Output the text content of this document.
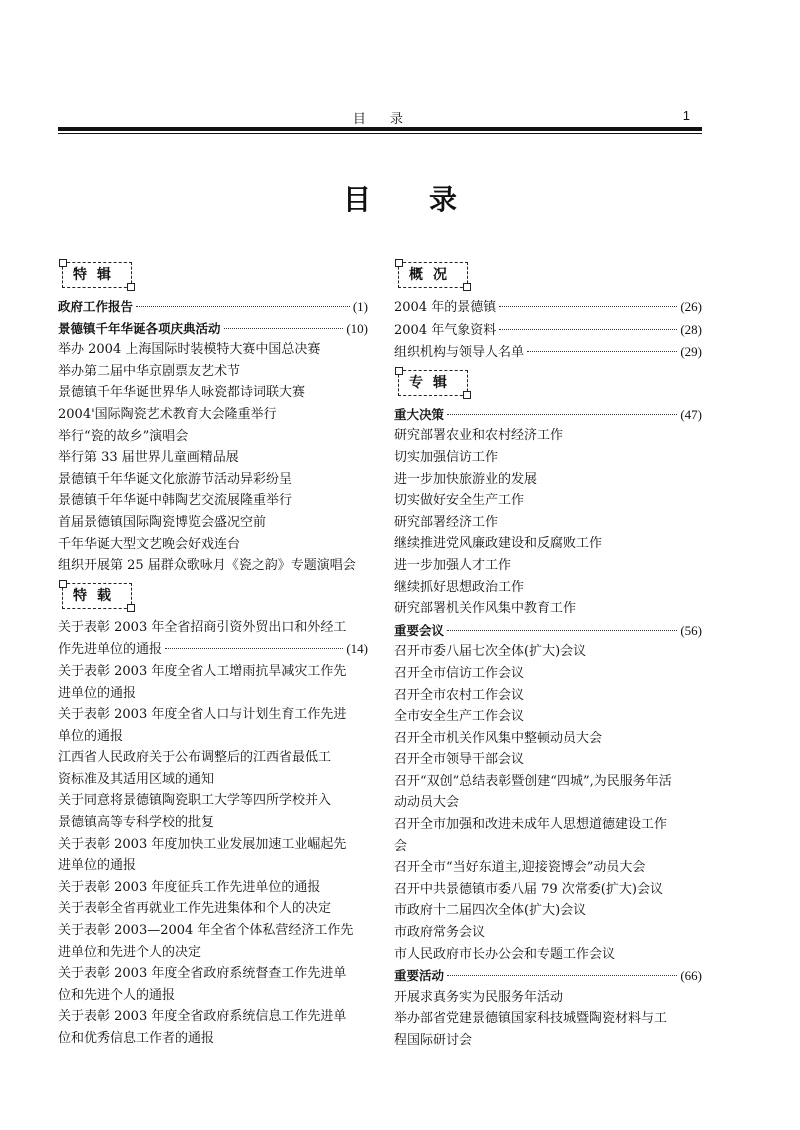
目 录	1
目录
特辑
政府工作报告	(1)
景德镇千年华诞各项庆典活动	(10)
举办 2004 上海国际时装模特大赛中国总决赛
举办第二届中华京剧票友艺术节
景德镇千年华诞世界华人咏瓷都诗词联大赛
2004'国际陶瓷艺术教育大会隆重举行
举行“瓷的故乡”演唱会
举行第 33 届世界儿童画精品展
景德镇千年华诞文化旅游节活动异彩纷呈
景德镇千年华诞中韩陶艺交流展隆重举行
首届景德镇国际陶瓷博览会盛况空前
千年华诞大型文艺晚会好戏连台
组织开展第 25 届群众歌咏月《瓷之韵》专题演唱会
特载
关于表彰 2003 年全省招商引资外贸出口和外经工
作先进单位的通报	(14)
关于表彰 2003 年度全省人工增雨抗旱减灾工作先
进单位的通报
关于表彰 2003 年度全省人口与计划生育工作先进
单位的通报
江西省人民政府关于公布调整后的江西省最低工
资标准及其适用区域的通知
关于同意将景德镇陶瓷职工大学等四所学校并入
景德镇高等专科学校的批复
关于表彰 2003 年度加快工业发展加速工业崛起先
进单位的通报
关于表彰 2003 年度征兵工作先进单位的通报
关于表彰全省再就业工作先进集体和个人的决定
关于表彰 2003—2004 年全省个体私营经济工作先
进单位和先进个人的决定
关于表彰 2003 年度全省政府系统督查工作先进单
位和先进个人的通报
关于表彰 2003 年度全省政府系统信息工作先进单
位和优秀信息工作者的通报
概况
2004 年的景德镇	(26)
2004 年气象资料	(28)
组织机构与领导人名单	(29)
专辑
重大决策	(47)
研究部署农业和农村经济工作
切实加强信访工作
进一步加快旅游业的发展
切实做好安全生产工作
研究部署经济工作
继续推进党风廉政建设和反腐败工作
进一步加强人才工作
继续抓好思想政治工作
研究部署机关作风集中教育工作
重要会议	(56)
召开市委八届七次全体(扩大)会议
召开全市信访工作会议
召开全市农村工作会议
全市安全生产工作会议
召开全市机关作风集中整顿动员大会
召开全市领导干部会议
召开“双创”总结表彰暨创建“四城”,为民服务年活
动动员大会
召开全市加强和改进未成年人思想道德建设工作
会
召开全市“当好东道主,迎接瓷博会”动员大会
召开中共景德镇市委八届 79 次常委(扩大)会议
市政府十二届四次全体(扩大)会议
市政府常务会议
市人民政府市长办公会和专题工作会议
重要活动	(66)
开展求真务实为民服务年活动
举办部省党建景德镇国家科技城暨陶瓷材料与工
程国际研讨会
